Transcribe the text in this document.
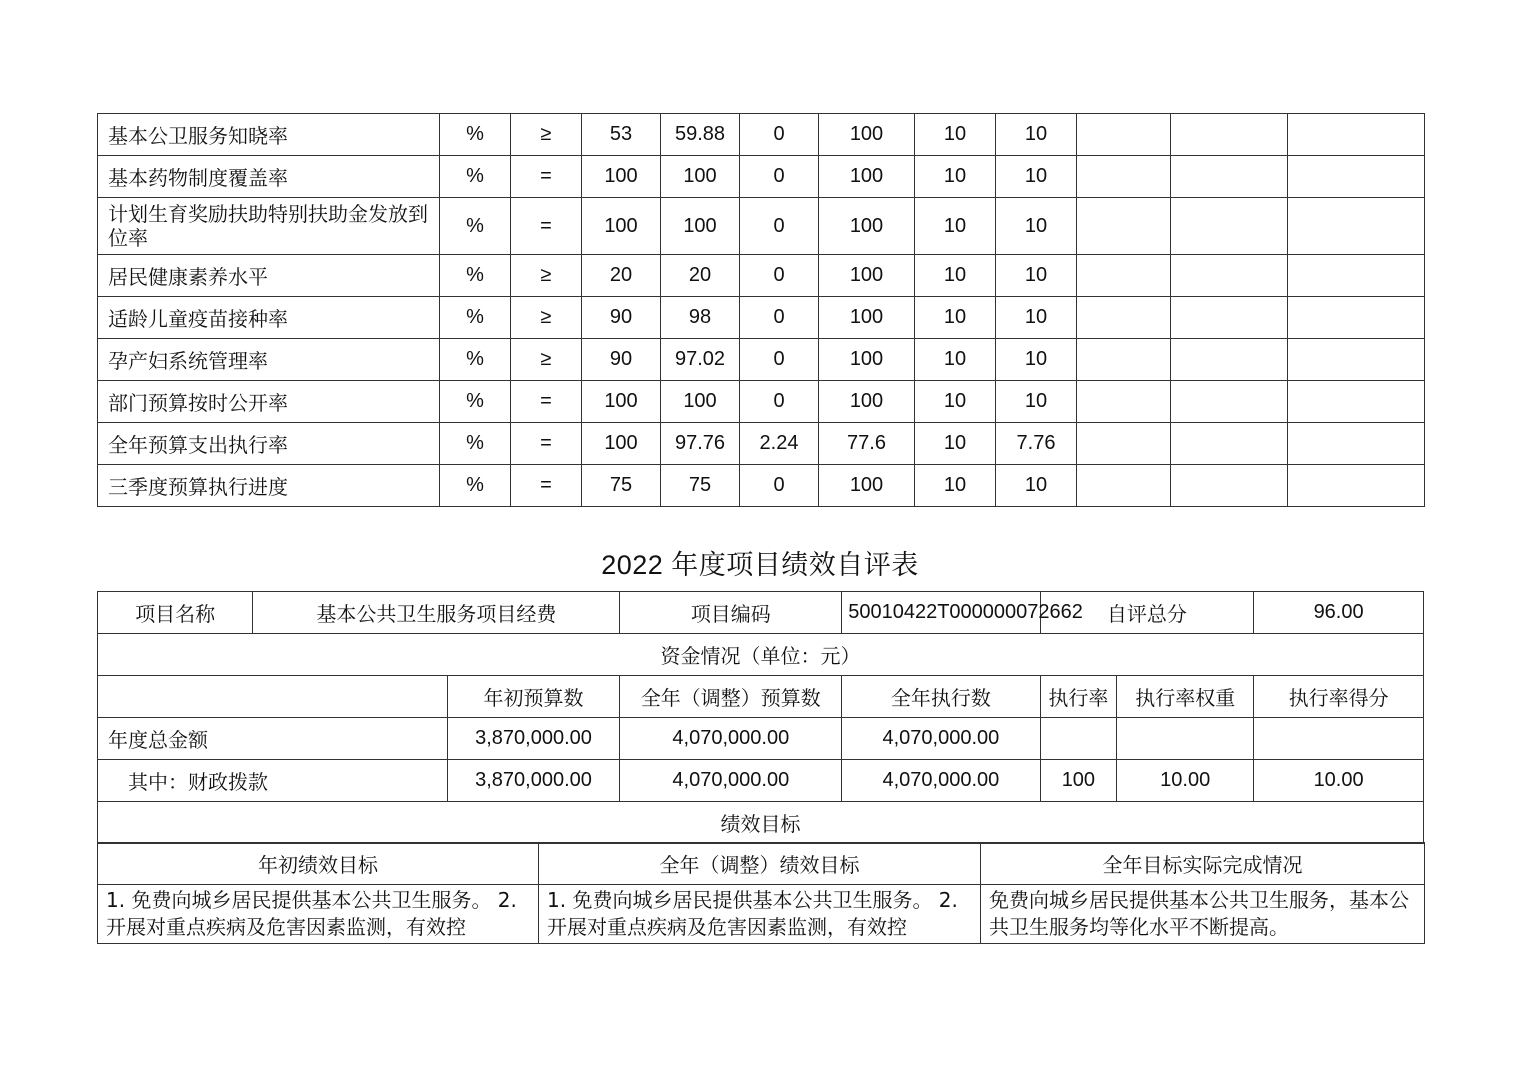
基本公卫服务知晓率	%	≥	53	59.88	0	100	10	10			
基本药物制度覆盖率	%	=	100	100	0	100	10	10			
计划生育奖励扶助特别扶助金发放到位率	%	=	100	100	0	100	10	10			
居民健康素养水平	%	≥	20	20	0	100	10	10			
适龄儿童疫苗接种率	%	≥	90	98	0	100	10	10			
孕产妇系统管理率	%	≥	90	97.02	0	100	10	10			
部门预算按时公开率	%	=	100	100	0	100	10	10			
全年预算支出执行率	%	=	100	97.76	2.24	77.6	10	7.76			
三季度预算执行进度	%	=	75	75	0	100	10	10			
2022 年度项目绩效自评表
项目名称	基本公共卫生服务项目经费		项目编码	50010422T000000072662	自评总分		96.00
资金情况（单位：元）							
		年初预算数	全年（调整）预算数	全年执行数	执行率	执行率权重	执行率得分
年度总金额		3,870,000.00	4,070,000.00	4,070,000.00			
其中：财政拨款		3,870,000.00	4,070,000.00	4,070,000.00	100	10.00	10.00
绩效目标							
年初绩效目标	全年（调整）绩效目标	全年目标实际完成情况
1. 免费向城乡居民提供基本公共卫生服务。 2. 开展对重点疾病及危害因素监测，有效控	1. 免费向城乡居民提供基本公共卫生服务。 2. 开展对重点疾病及危害因素监测，有效控	免费向城乡居民提供基本公共卫生服务，基本公共卫生服务均等化水平不断提高。
